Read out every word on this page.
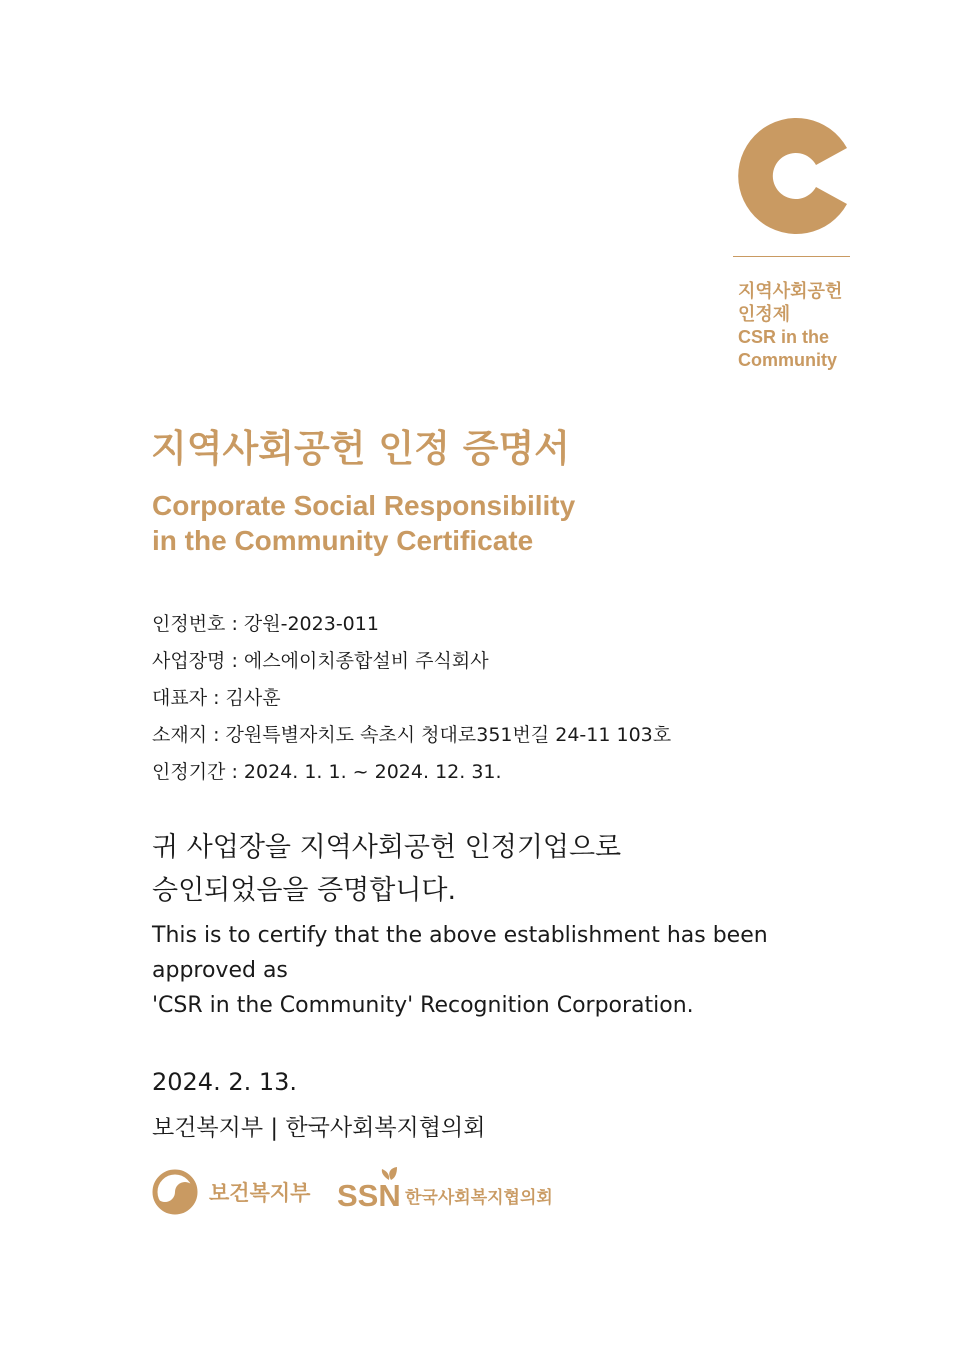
지역사회공헌
인정제
CSR in the
Community
지역사회공헌 인정 증명서
Corporate Social Responsibility
in the Community Certificate
인정번호 : 강원-2023-011
사업장명 : 에스에이치종합설비 주식회사
대표자 : 김사훈
소재지 : 강원특별자치도 속초시 청대로351번길 24-11 103호
인정기간 : 2024. 1. 1. ~ 2024. 12. 31.
귀 사업장을 지역사회공헌 인정기업으로
승인되었음을 증명합니다.
This is to certify that the above establishment has been
approved as
'CSR in the Community' Recognition Corporation.
2024. 2. 13.
보건복지부 | 한국사회복지협의회
보건복지부 SSN 한국사회복지협의회
